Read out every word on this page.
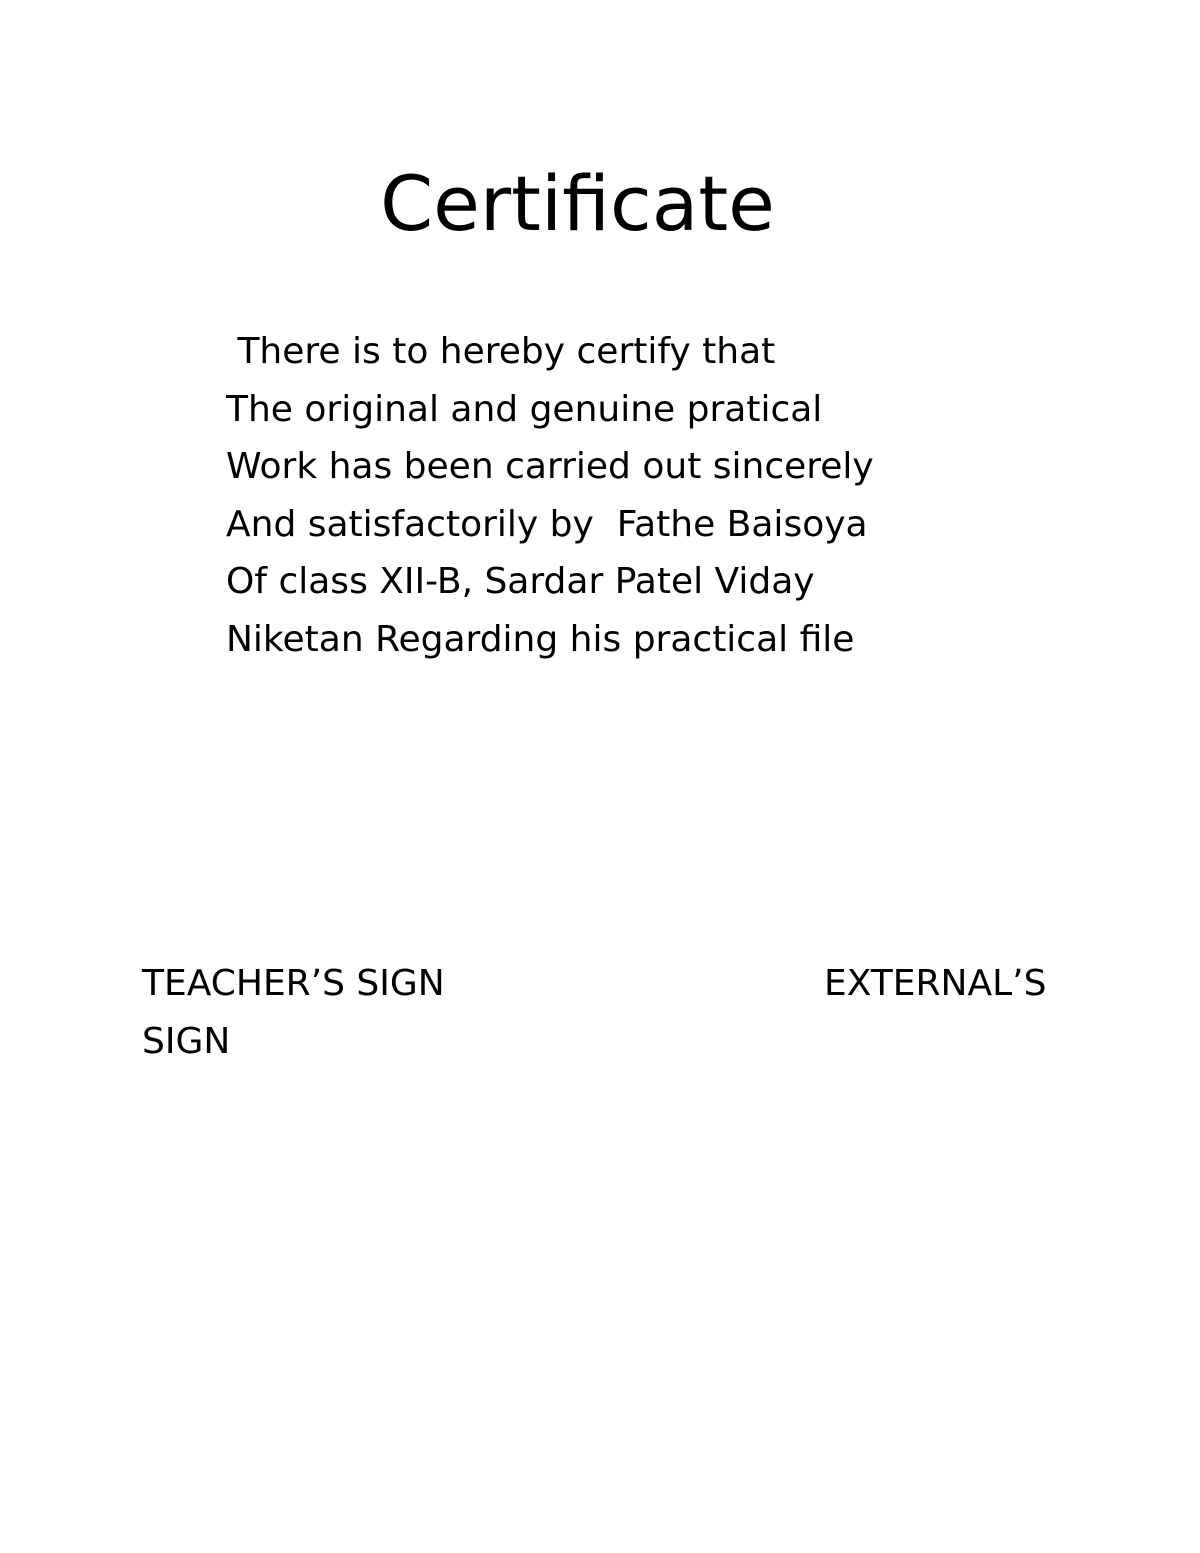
Certificate
There is to hereby certify that
The original and genuine pratical
Work has been carried out sincerely
And satisfactorily by  Fathe Baisoya
Of class XII-B, Sardar Patel Viday
Niketan Regarding his practical file
TEACHER’S SIGN	EXTERNAL’S
SIGN
